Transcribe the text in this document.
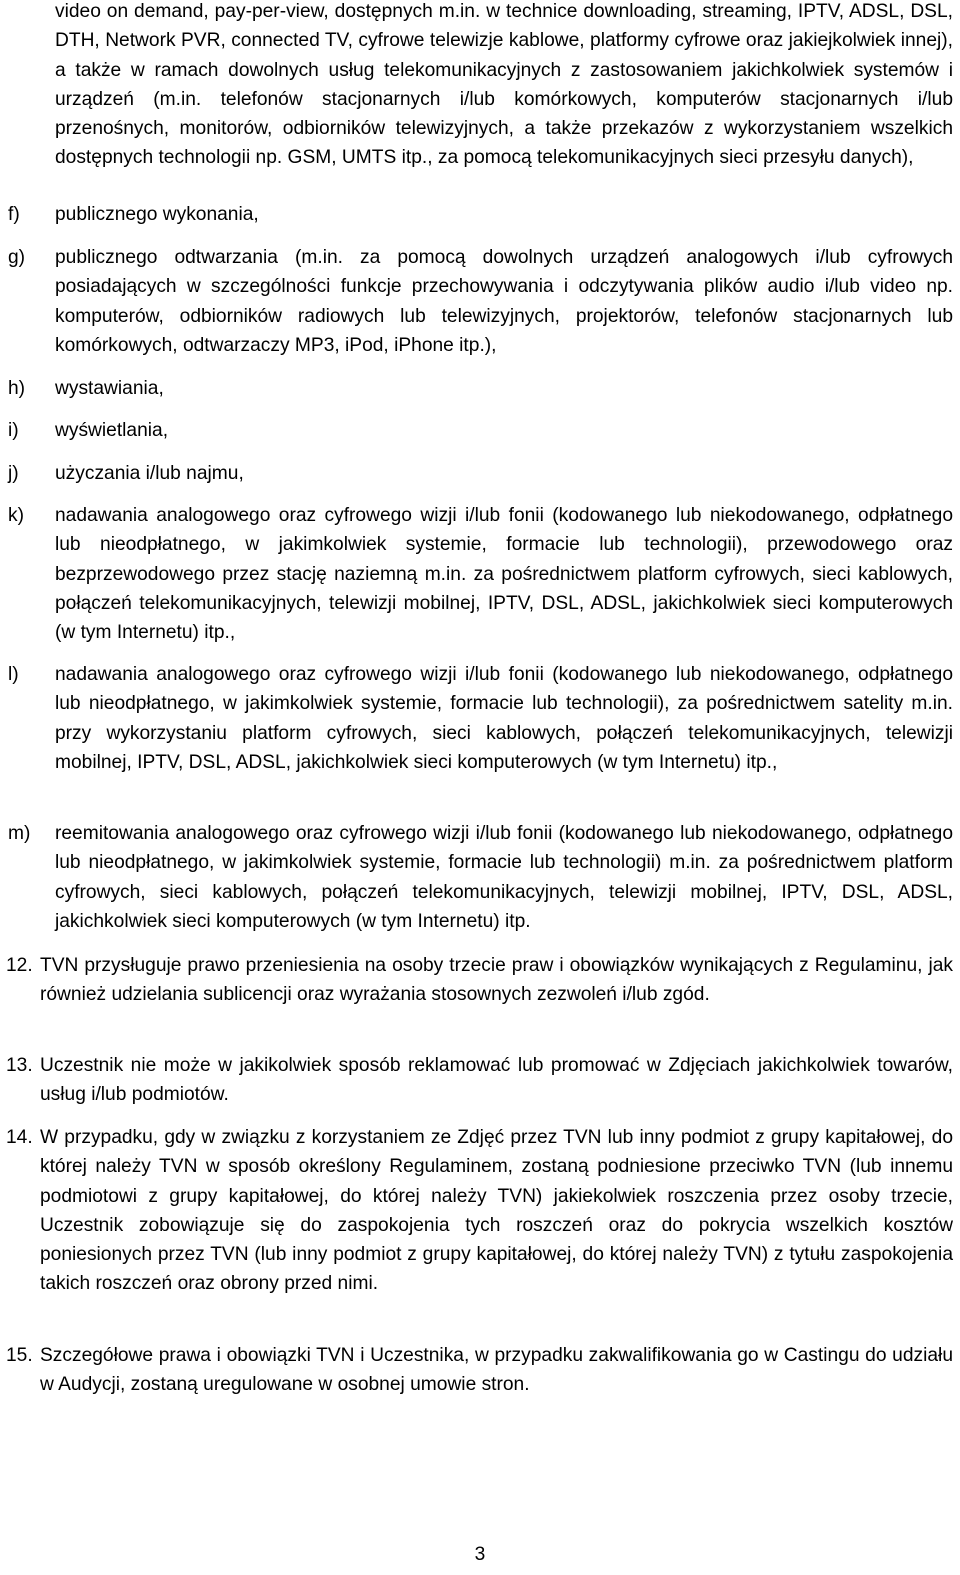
video on demand, pay-per-view, dostępnych m.in. w technice downloading, streaming, IPTV, ADSL, DSL, DTH, Network PVR, connected TV, cyfrowe telewizje kablowe, platformy cyfrowe oraz jakiejkolwiek innej), a także w ramach dowolnych usług telekomunikacyjnych z zastosowaniem jakichkolwiek systemów i urządzeń (m.in. telefonów stacjonarnych i/lub komórkowych, komputerów stacjonarnych i/lub przenośnych, monitorów, odbiorników telewizyjnych, a także przekazów z wykorzystaniem wszelkich dostępnych technologii np. GSM, UMTS itp., za pomocą telekomunikacyjnych sieci przesyłu danych),
f) publicznego wykonania,
g) publicznego odtwarzania (m.in. za pomocą dowolnych urządzeń analogowych i/lub cyfrowych posiadających w szczególności funkcje przechowywania i odczytywania plików audio i/lub video np. komputerów, odbiorników radiowych lub telewizyjnych, projektorów, telefonów stacjonarnych lub komórkowych, odtwarzaczy MP3, iPod, iPhone itp.),
h) wystawiania,
i) wyświetlania,
j) użyczania i/lub najmu,
k) nadawania analogowego oraz cyfrowego wizji i/lub fonii (kodowanego lub niekodowanego, odpłatnego lub nieodpłatnego, w jakimkolwiek systemie, formacie lub technologii), przewodowego oraz bezprzewodowego przez stację naziemną m.in. za pośrednictwem platform cyfrowych, sieci kablowych, połączeń telekomunikacyjnych, telewizji mobilnej, IPTV, DSL, ADSL, jakichkolwiek sieci komputerowych (w tym Internetu) itp.,
l) nadawania analogowego oraz cyfrowego wizji i/lub fonii (kodowanego lub niekodowanego, odpłatnego lub nieodpłatnego, w jakimkolwiek systemie, formacie lub technologii), za pośrednictwem satelity m.in. przy wykorzystaniu platform cyfrowych, sieci kablowych, połączeń telekomunikacyjnych, telewizji mobilnej, IPTV, DSL, ADSL, jakichkolwiek sieci komputerowych (w tym Internetu) itp.,
m) reemitowania analogowego oraz cyfrowego wizji i/lub fonii (kodowanego lub niekodowanego, odpłatnego lub nieodpłatnego, w jakimkolwiek systemie, formacie lub technologii) m.in. za pośrednictwem platform cyfrowych, sieci kablowych, połączeń telekomunikacyjnych, telewizji mobilnej, IPTV, DSL, ADSL, jakichkolwiek sieci komputerowych (w tym Internetu) itp.
12. TVN przysługuje prawo przeniesienia na osoby trzecie praw i obowiązków wynikających z Regulaminu, jak również udzielania sublicencji oraz wyrażania stosownych zezwoleń i/lub zgód.
13. Uczestnik nie może w jakikolwiek sposób reklamować lub promować w Zdjęciach jakichkolwiek towarów, usług i/lub podmiotów.
14. W przypadku, gdy w związku z korzystaniem ze Zdjęć przez TVN lub inny podmiot z grupy kapitałowej, do której należy TVN w sposób określony Regulaminem, zostaną podniesione przeciwko TVN (lub innemu podmiotowi z grupy kapitałowej, do której należy TVN) jakiekolwiek roszczenia przez osoby trzecie, Uczestnik zobowiązuje się do zaspokojenia tych roszczeń oraz do pokrycia wszelkich kosztów poniesionych przez TVN (lub inny podmiot z grupy kapitałowej, do której należy TVN) z tytułu zaspokojenia takich roszczeń oraz obrony przed nimi.
15. Szczegółowe prawa i obowiązki TVN i Uczestnika, w przypadku zakwalifikowania go w Castingu do udziału w Audycji, zostaną uregulowane w osobnej umowie stron.
3
